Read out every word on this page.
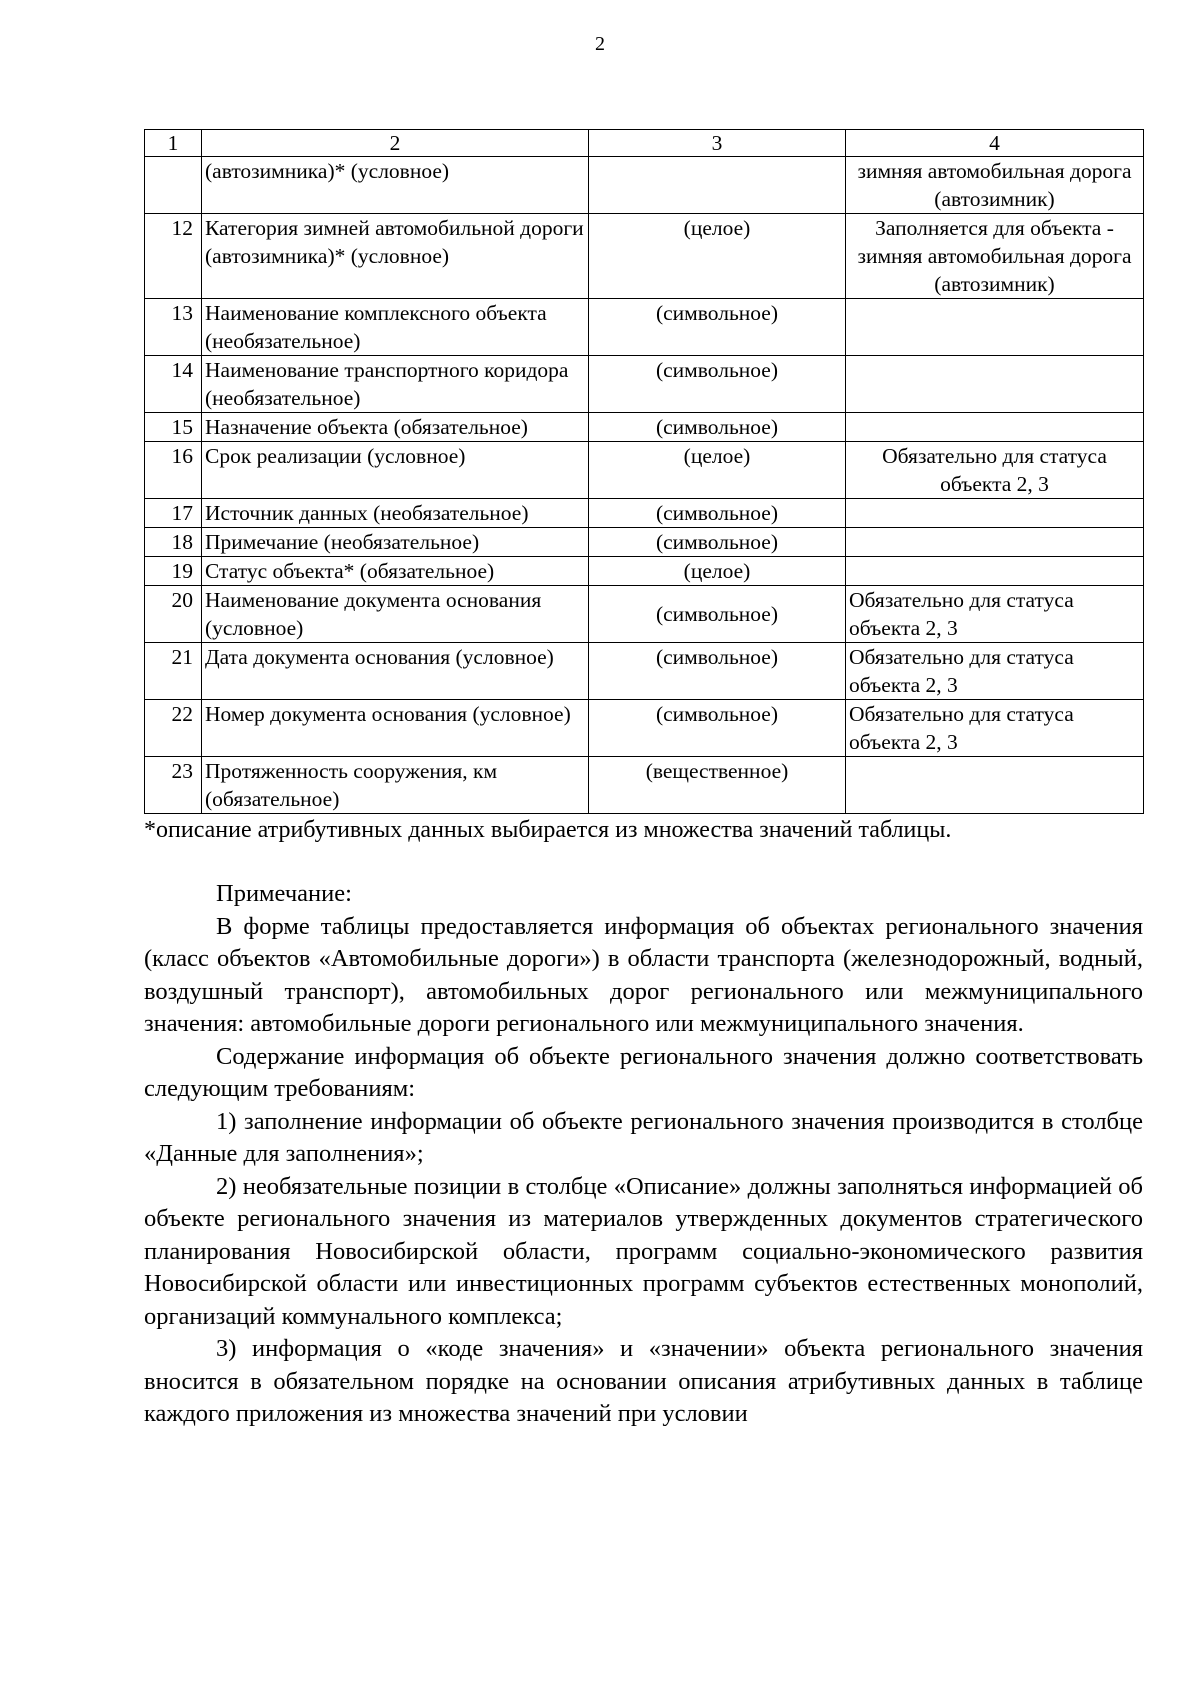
2
1	2	3	4
	(автозимника)* (условное)		зимняя автомобильная дорога (автозимник)
12	Категория зимней автомобильной дороги (автозимника)* (условное)	(целое)	Заполняется для объекта - зимняя автомобильная дорога (автозимник)
13	Наименование комплексного объекта (необязательное)	(символьное)	
14	Наименование транспортного коридора (необязательное)	(символьное)	
15	Назначение объекта (обязательное)	(символьное)	
16	Срок реализации (условное)	(целое)	Обязательно для статуса объекта 2, 3
17	Источник данных (необязательное)	(символьное)	
18	Примечание (необязательное)	(символьное)	
19	Статус объекта* (обязательное)	(целое)	
20	Наименование документа основания (условное)	(символьное)	Обязательно для статуса объекта 2, 3
21	Дата документа основания (условное)	(символьное)	Обязательно для статуса объекта 2, 3
22	Номер документа основания (условное)	(символьное)	Обязательно для статуса объекта 2, 3
23	Протяженность сооружения, км (обязательное)	(вещественное)	
*описание атрибутивных данных выбирается из множества значений таблицы.

Примечание:

В форме таблицы предоставляется информация об объектах регионального значения (класс объектов «Автомобильные дороги») в области транспорта (железнодорожный, водный, воздушный транспорт), автомобильных дорог регионального или межмуниципального значения: автомобильные дороги регионального или межмуниципального значения.

Содержание информация об объекте регионального значения должно соответствовать следующим требованиям:

1) заполнение информации об объекте регионального значения производится в столбце «Данные для заполнения»;

2) необязательные позиции в столбце «Описание» должны заполняться информацией об объекте регионального значения из материалов утвержденных документов стратегического планирования Новосибирской области, программ социально-экономического развития Новосибирской области или инвестиционных программ субъектов естественных монополий, организаций коммунального комплекса;

3) информация о «коде значения» и «значении» объекта регионального значения вносится в обязательном порядке на основании описания атрибутивных данных в таблице каждого приложения из множества значений при условии
